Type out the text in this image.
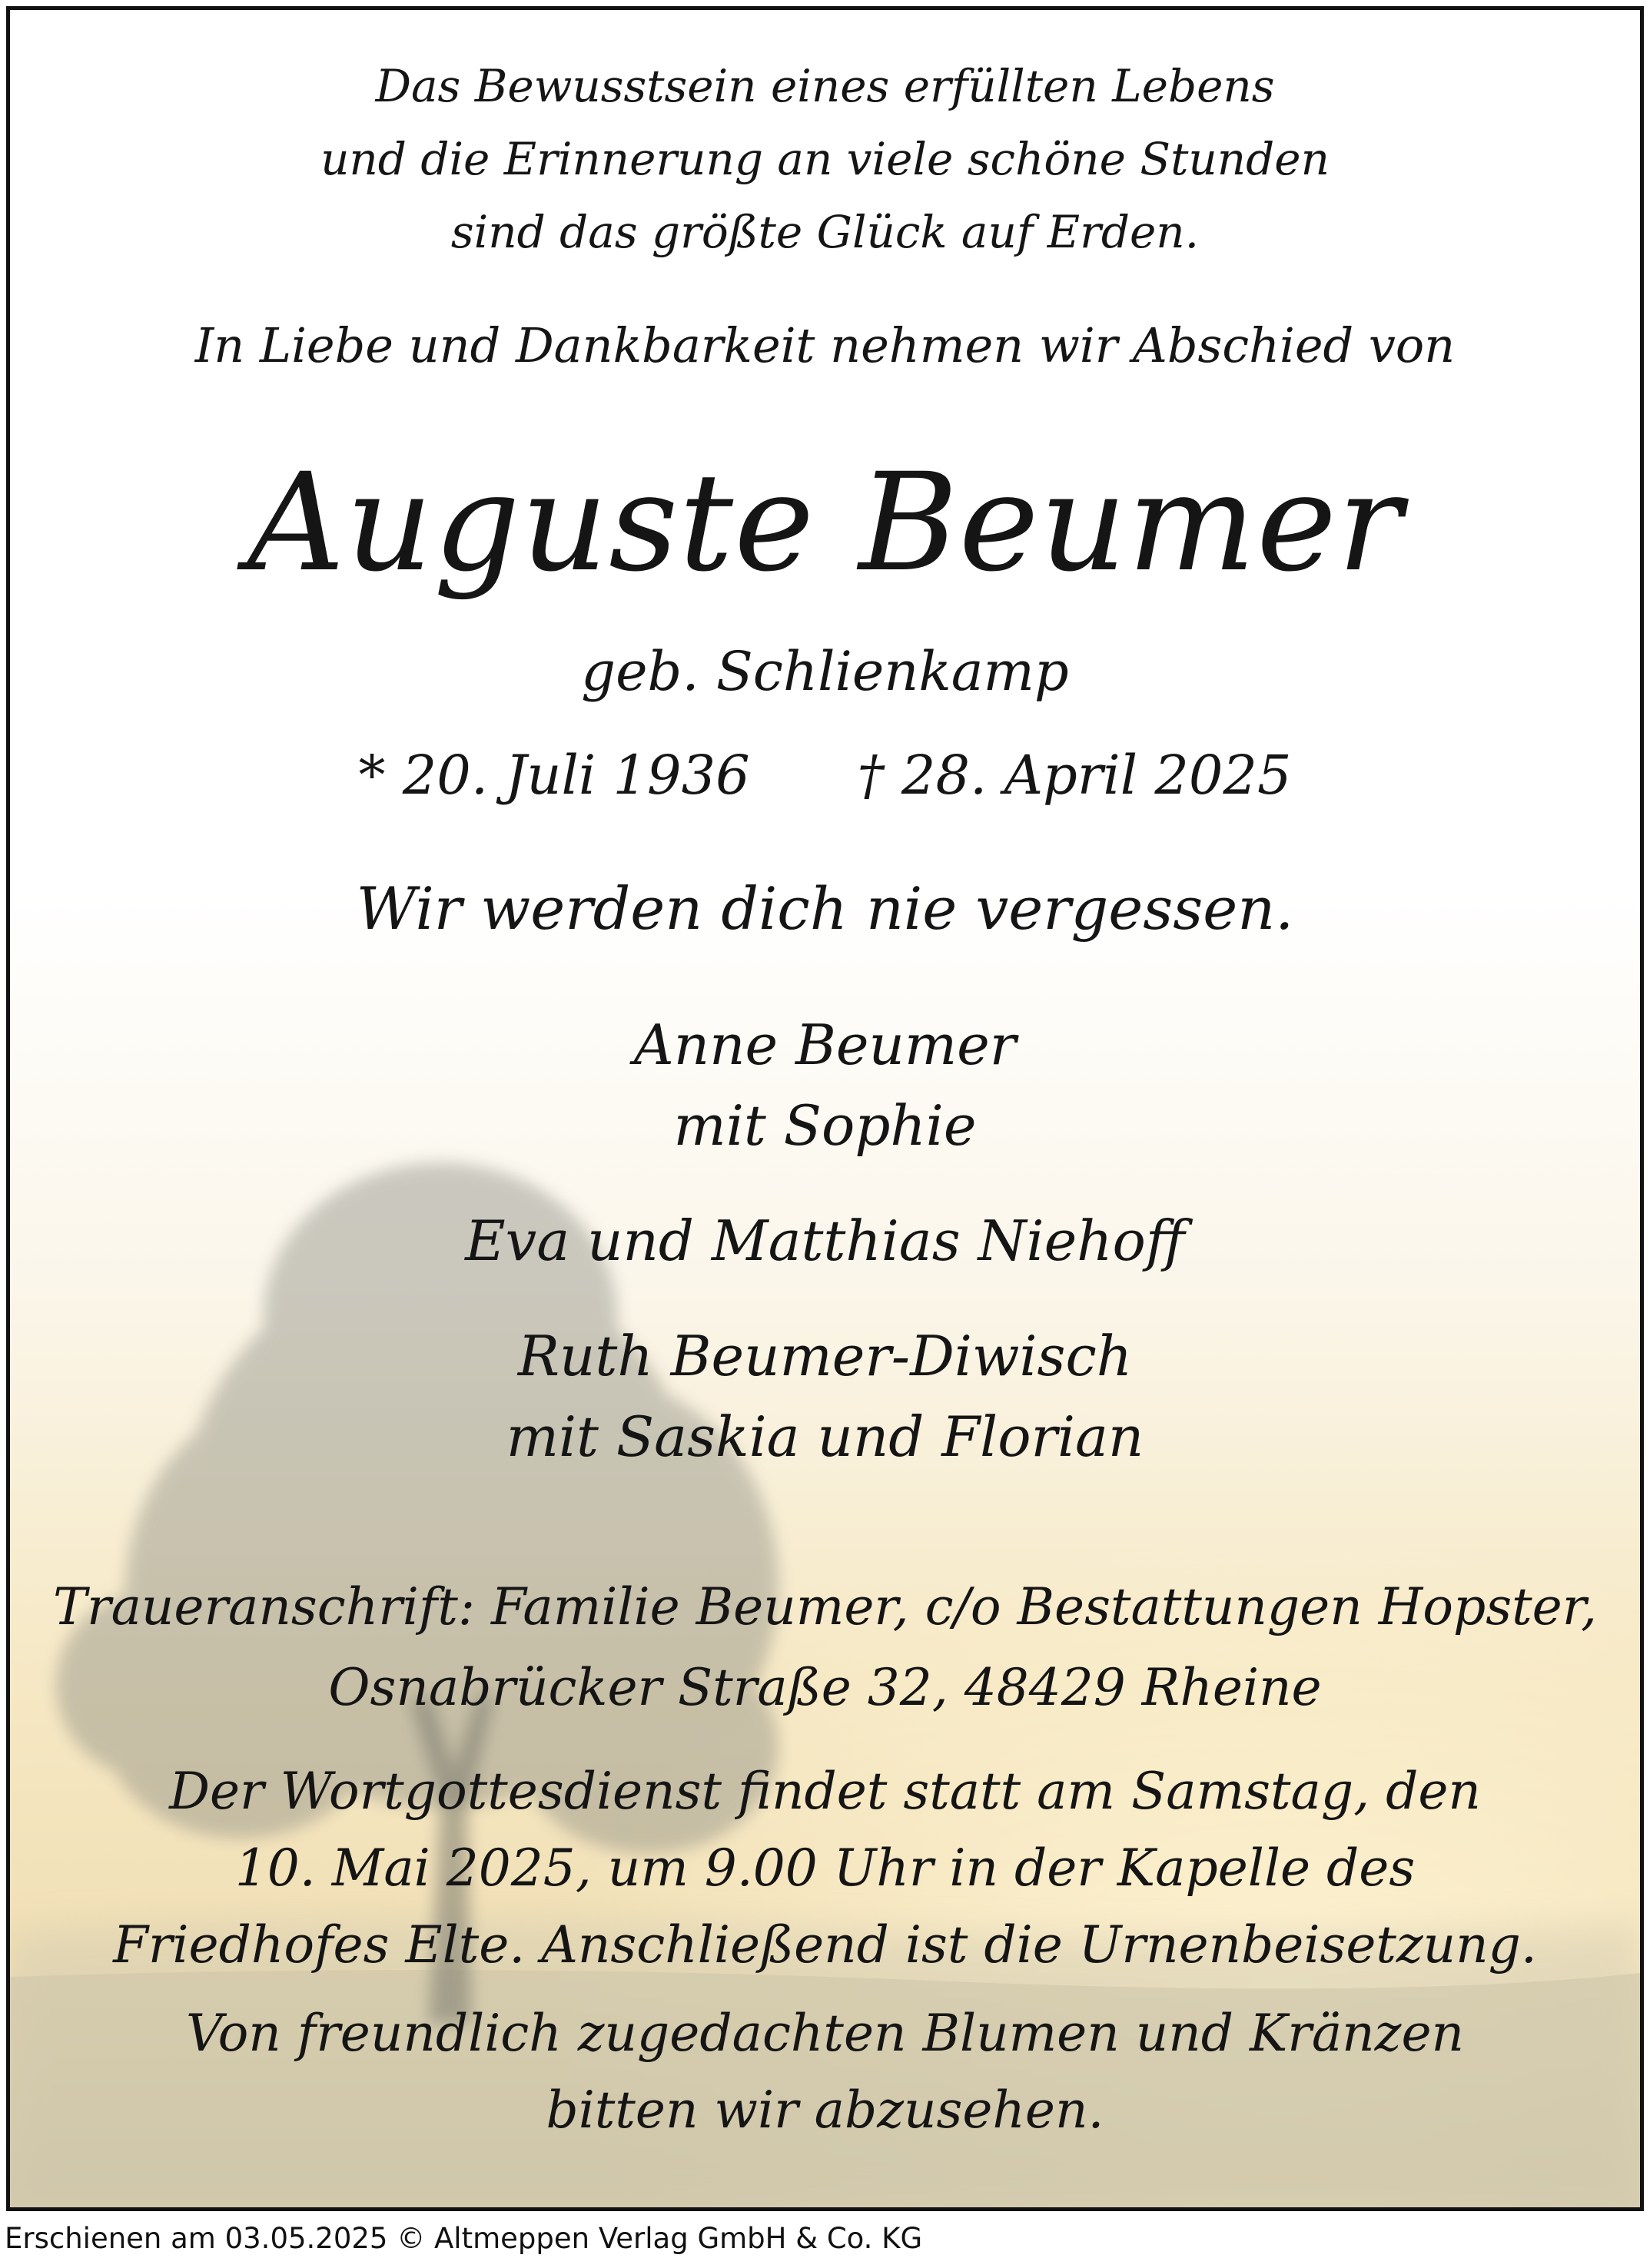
Das Bewusstsein eines erfüllten Lebens
und die Erinnerung an viele schöne Stunden
sind das größte Glück auf Erden.
In Liebe und Dankbarkeit nehmen wir Abschied von
Auguste Beumer
geb. Schlienkamp
* 20. Juli 1936 † 28. April 2025
Wir werden dich nie vergessen.
Anne Beumer
mit Sophie
Eva und Matthias Niehoff
Ruth Beumer-Diwisch
mit Saskia und Florian
Traueranschrift: Familie Beumer, c/o Bestattungen Hopster,
Osnabrücker Straße 32, 48429 Rheine
Der Wortgottesdienst findet statt am Samstag, den
10. Mai 2025, um 9.00 Uhr in der Kapelle des
Friedhofes Elte. Anschließend ist die Urnenbeisetzung.
Von freundlich zugedachten Blumen und Kränzen
bitten wir abzusehen.
Erschienen am 03.05.2025 © Altmeppen Verlag GmbH & Co. KG
